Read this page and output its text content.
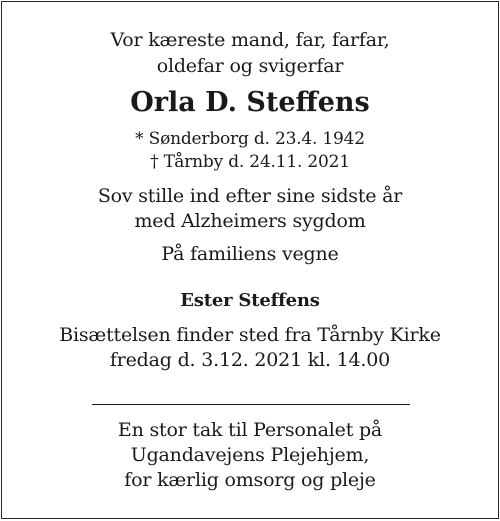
Vor kæreste mand, far, farfar,
oldefar og svigerfar
Orla D. Steffens
* Sønderborg d. 23.4. 1942
† Tårnby d. 24.11. 2021
Sov stille ind efter sine sidste år
med Alzheimers sygdom
På familiens vegne
Ester Steffens
Bisættelsen finder sted fra Tårnby Kirke
fredag d. 3.12. 2021 kl. 14.00
En stor tak til Personalet på
Ugandavejens Plejehjem,
for kærlig omsorg og pleje
